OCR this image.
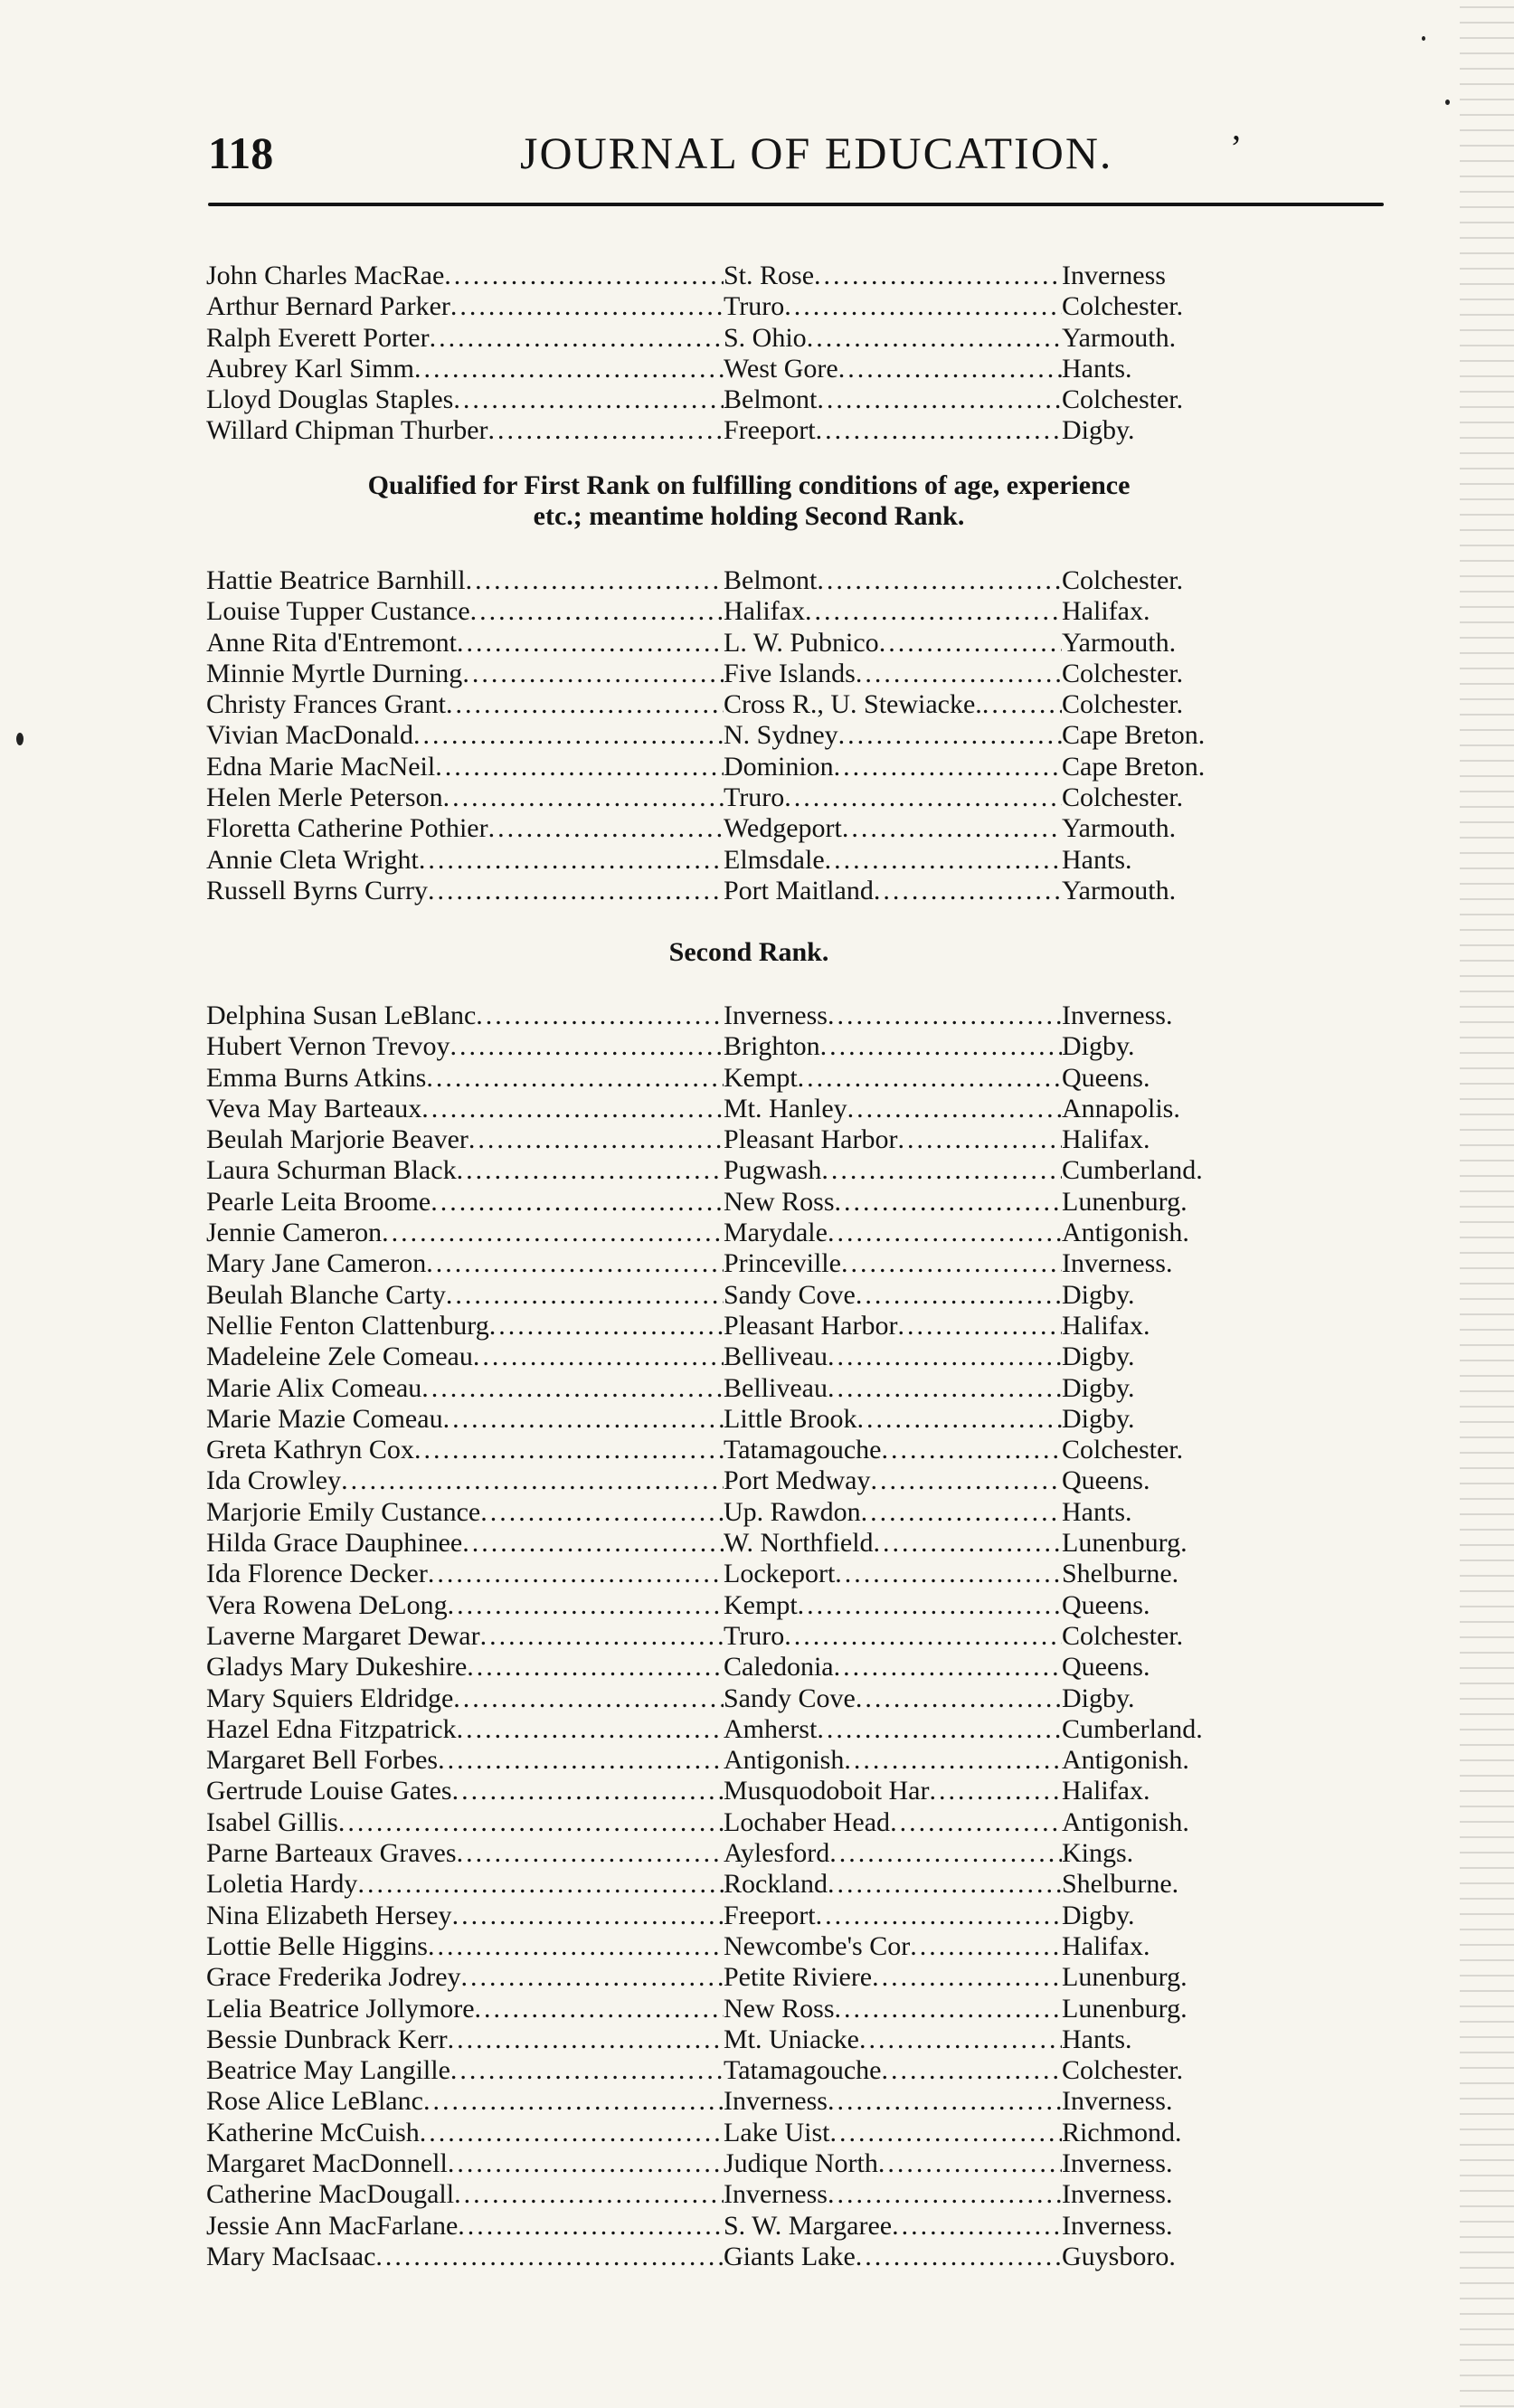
118	JOURNAL OF EDUCATION.	ʼ
John Charles MacRae .....	St. Rose .....	Inverness
Arthur Bernard Parker .....	Truro .....	Colchester.
Ralph Everett Porter .....	S. Ohio .....	Yarmouth.
Aubrey Karl Simm .....	West Gore .....	Hants.
Lloyd Douglas Staples .....	Belmont .....	Colchester.
Willard Chipman Thurber .....	Freeport .....	Digby.
Qualified for First Rank on fulfilling conditions of age, experience
etc.; meantime holding Second Rank.
Hattie Beatrice Barnhill .....	Belmont .....	Colchester.
Louise Tupper Custance .....	Halifax .....	Halifax.
Anne Rita d'Entremont .....	L. W. Pubnico .....	Yarmouth.
Minnie Myrtle Durning .....	Five Islands .....	Colchester.
Christy Frances Grant .....	Cross R., U. Stewiacke. .....	Colchester.
Vivian MacDonald .....	N. Sydney .....	Cape Breton.
Edna Marie MacNeil .....	Dominion .....	Cape Breton.
Helen Merle Peterson .....	Truro .....	Colchester.
Floretta Catherine Pothier .....	Wedgeport .....	Yarmouth.
Annie Cleta Wright .....	Elmsdale .....	Hants.
Russell Byrns Curry .....	Port Maitland .....	Yarmouth.
Second Rank.
Delphina Susan LeBlanc .....	Inverness .....	Inverness.
Hubert Vernon Trevoy .....	Brighton .....	Digby.
Emma Burns Atkins .....	Kempt .....	Queens.
Veva May Barteaux .....	Mt. Hanley .....	Annapolis.
Beulah Marjorie Beaver .....	Pleasant Harbor .....	Halifax.
Laura Schurman Black .....	Pugwash .....	Cumberland.
Pearle Leita Broome .....	New Ross .....	Lunenburg.
Jennie Cameron .....	Marydale .....	Antigonish.
Mary Jane Cameron .....	Princeville .....	Inverness.
Beulah Blanche Carty .....	Sandy Cove .....	Digby.
Nellie Fenton Clattenburg .....	Pleasant Harbor .....	Halifax.
Madeleine Zele Comeau .....	Belliveau .....	Digby.
Marie Alix Comeau .....	Belliveau .....	Digby.
Marie Mazie Comeau .....	Little Brook .....	Digby.
Greta Kathryn Cox .....	Tatamagouche .....	Colchester.
Ida Crowley .....	Port Medway .....	Queens.
Marjorie Emily Custance .....	Up. Rawdon .....	Hants.
Hilda Grace Dauphinee .....	W. Northfield .....	Lunenburg.
Ida Florence Decker .....	Lockeport .....	Shelburne.
Vera Rowena DeLong .....	Kempt .....	Queens.
Laverne Margaret Dewar .....	Truro .....	Colchester.
Gladys Mary Dukeshire .....	Caledonia .....	Queens.
Mary Squiers Eldridge .....	Sandy Cove .....	Digby.
Hazel Edna Fitzpatrick .....	Amherst .....	Cumberland.
Margaret Bell Forbes .....	Antigonish .....	Antigonish.
Gertrude Louise Gates .....	Musquodoboit Har .....	Halifax.
Isabel Gillis .....	Lochaber Head .....	Antigonish.
Parne Barteaux Graves .....	Aylesford .....	Kings.
Loletia Hardy .....	Rockland .....	Shelburne.
Nina Elizabeth Hersey .....	Freeport .....	Digby.
Lottie Belle Higgins .....	Newcombe's Cor .....	Halifax.
Grace Frederika Jodrey .....	Petite Riviere .....	Lunenburg.
Lelia Beatrice Jollymore .....	New Ross .....	Lunenburg.
Bessie Dunbrack Kerr .....	Mt. Uniacke .....	Hants.
Beatrice May Langille .....	Tatamagouche .....	Colchester.
Rose Alice LeBlanc .....	Inverness .....	Inverness.
Katherine McCuish .....	Lake Uist .....	Richmond.
Margaret MacDonnell .....	Judique North .....	Inverness.
Catherine MacDougall .....	Inverness .....	Inverness.
Jessie Ann MacFarlane .....	S. W. Margaree .....	Inverness.
Mary MacIsaac .....	Giants Lake .....	Guysboro.
